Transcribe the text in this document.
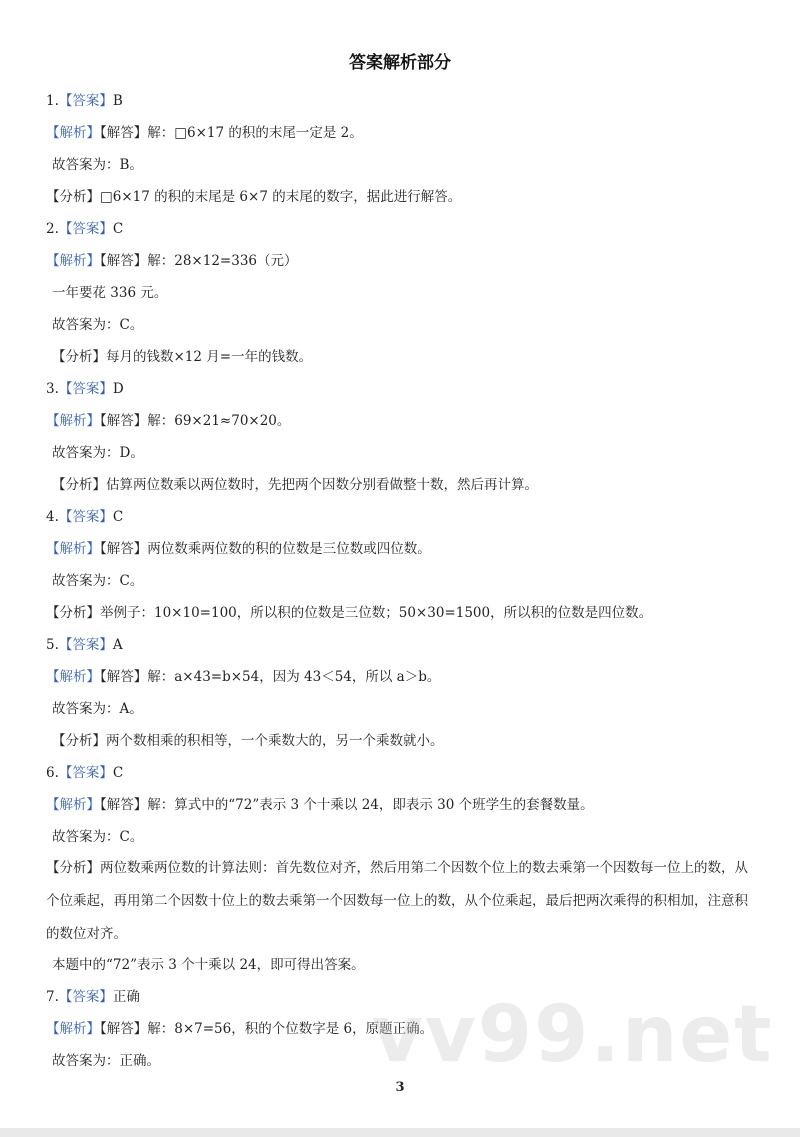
答案解析部分
1.【答案】B
【解析】【解答】解：□6×17 的积的末尾一定是 2。
故答案为：B。
【分析】□6×17 的积的末尾是 6×7 的末尾的数字，据此进行解答。
2.【答案】C
【解析】【解答】解：28×12=336（元）
一年要花 336 元。
故答案为：C。
【分析】每月的钱数×12 月=一年的钱数。
3.【答案】D
【解析】【解答】解：69×21≈70×20。
故答案为：D。
【分析】估算两位数乘以两位数时，先把两个因数分别看做整十数，然后再计算。
4.【答案】C
【解析】【解答】两位数乘两位数的积的位数是三位数或四位数。
故答案为：C。
【分析】举例子：10×10=100，所以积的位数是三位数；50×30=1500，所以积的位数是四位数。
5.【答案】A
【解析】【解答】解：a×43=b×54，因为 43＜54，所以 a＞b。
故答案为：A。
【分析】两个数相乘的积相等，一个乘数大的，另一个乘数就小。
6.【答案】C
【解析】【解答】解：算式中的“72”表示 3 个十乘以 24，即表示 30 个班学生的套餐数量。
故答案为：C。
【分析】两位数乘两位数的计算法则：首先数位对齐，然后用第二个因数个位上的数去乘第一个因数每一位上的数，从个位乘起，再用第二个因数十位上的数去乘第一个因数每一位上的数，从个位乘起，最后把两次乘得的积相加，注意积的数位对齐。
本题中的“72”表示 3 个十乘以 24，即可得出答案。
7.【答案】正确
【解析】【解答】解：8×7=56，积的个位数字是 6，原题正确。
故答案为：正确。	vv99.net
3
